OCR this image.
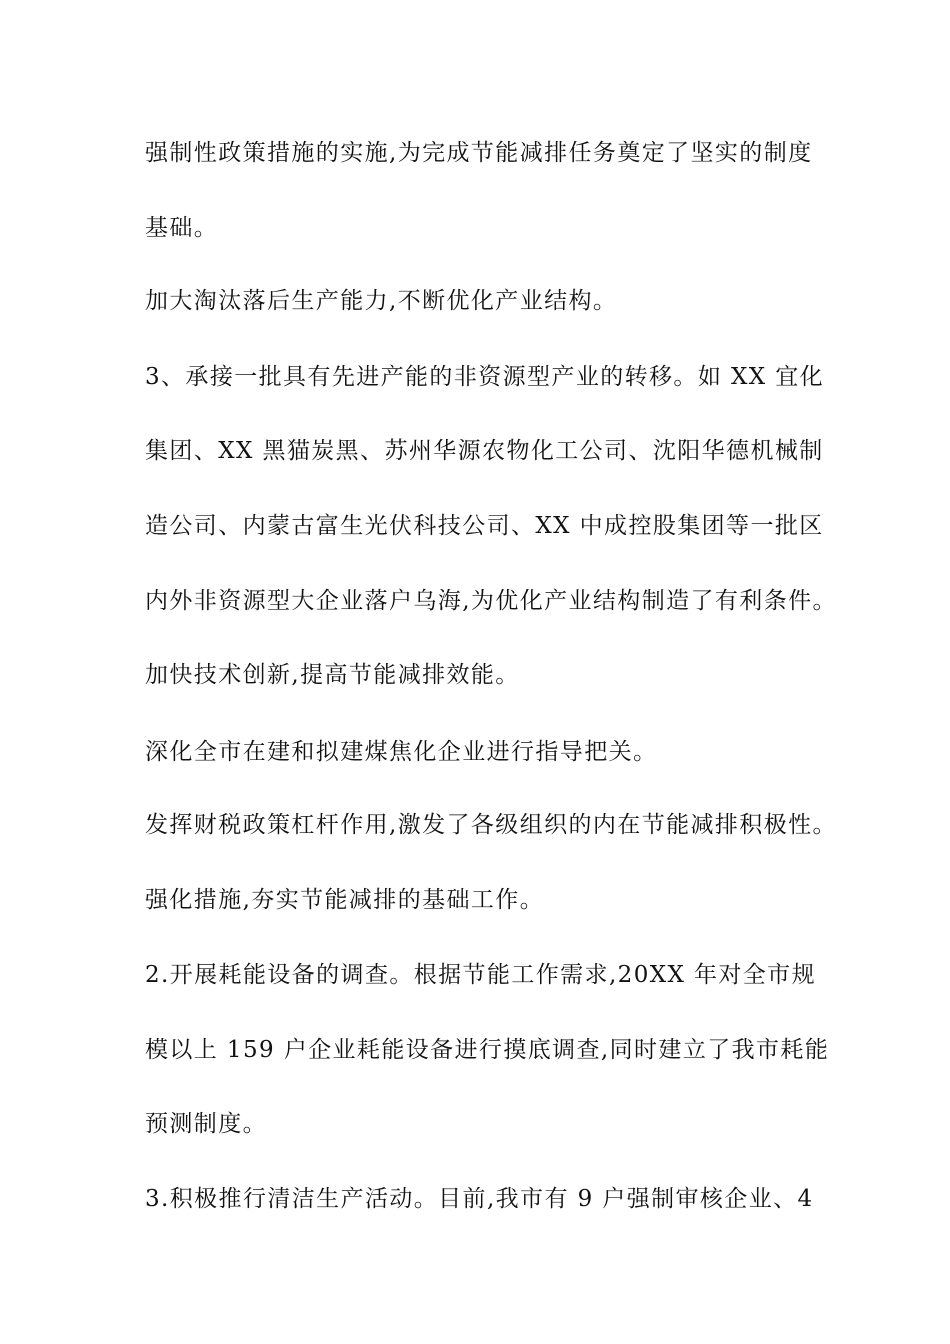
强制性政策措施的实施,为完成节能减排任务奠定了坚实的制度
基础。
加大淘汰落后生产能力,不断优化产业结构。
3、承接一批具有先进产能的非资源型产业的转移。如 XX 宜化
集团、XX 黑猫炭黑、苏州华源农物化工公司、沈阳华德机械制
造公司、内蒙古富生光伏科技公司、XX 中成控股集团等一批区
内外非资源型大企业落户乌海,为优化产业结构制造了有利条件。
加快技术创新,提高节能减排效能。
深化全市在建和拟建煤焦化企业进行指导把关。
发挥财税政策杠杆作用,激发了各级组织的内在节能减排积极性。
强化措施,夯实节能减排的基础工作。
2.开展耗能设备的调查。根据节能工作需求,20XX 年对全市规
模以上 159 户企业耗能设备进行摸底调查,同时建立了我市耗能
预测制度。
3.积极推行清洁生产活动。目前,我市有 9 户强制审核企业、4
